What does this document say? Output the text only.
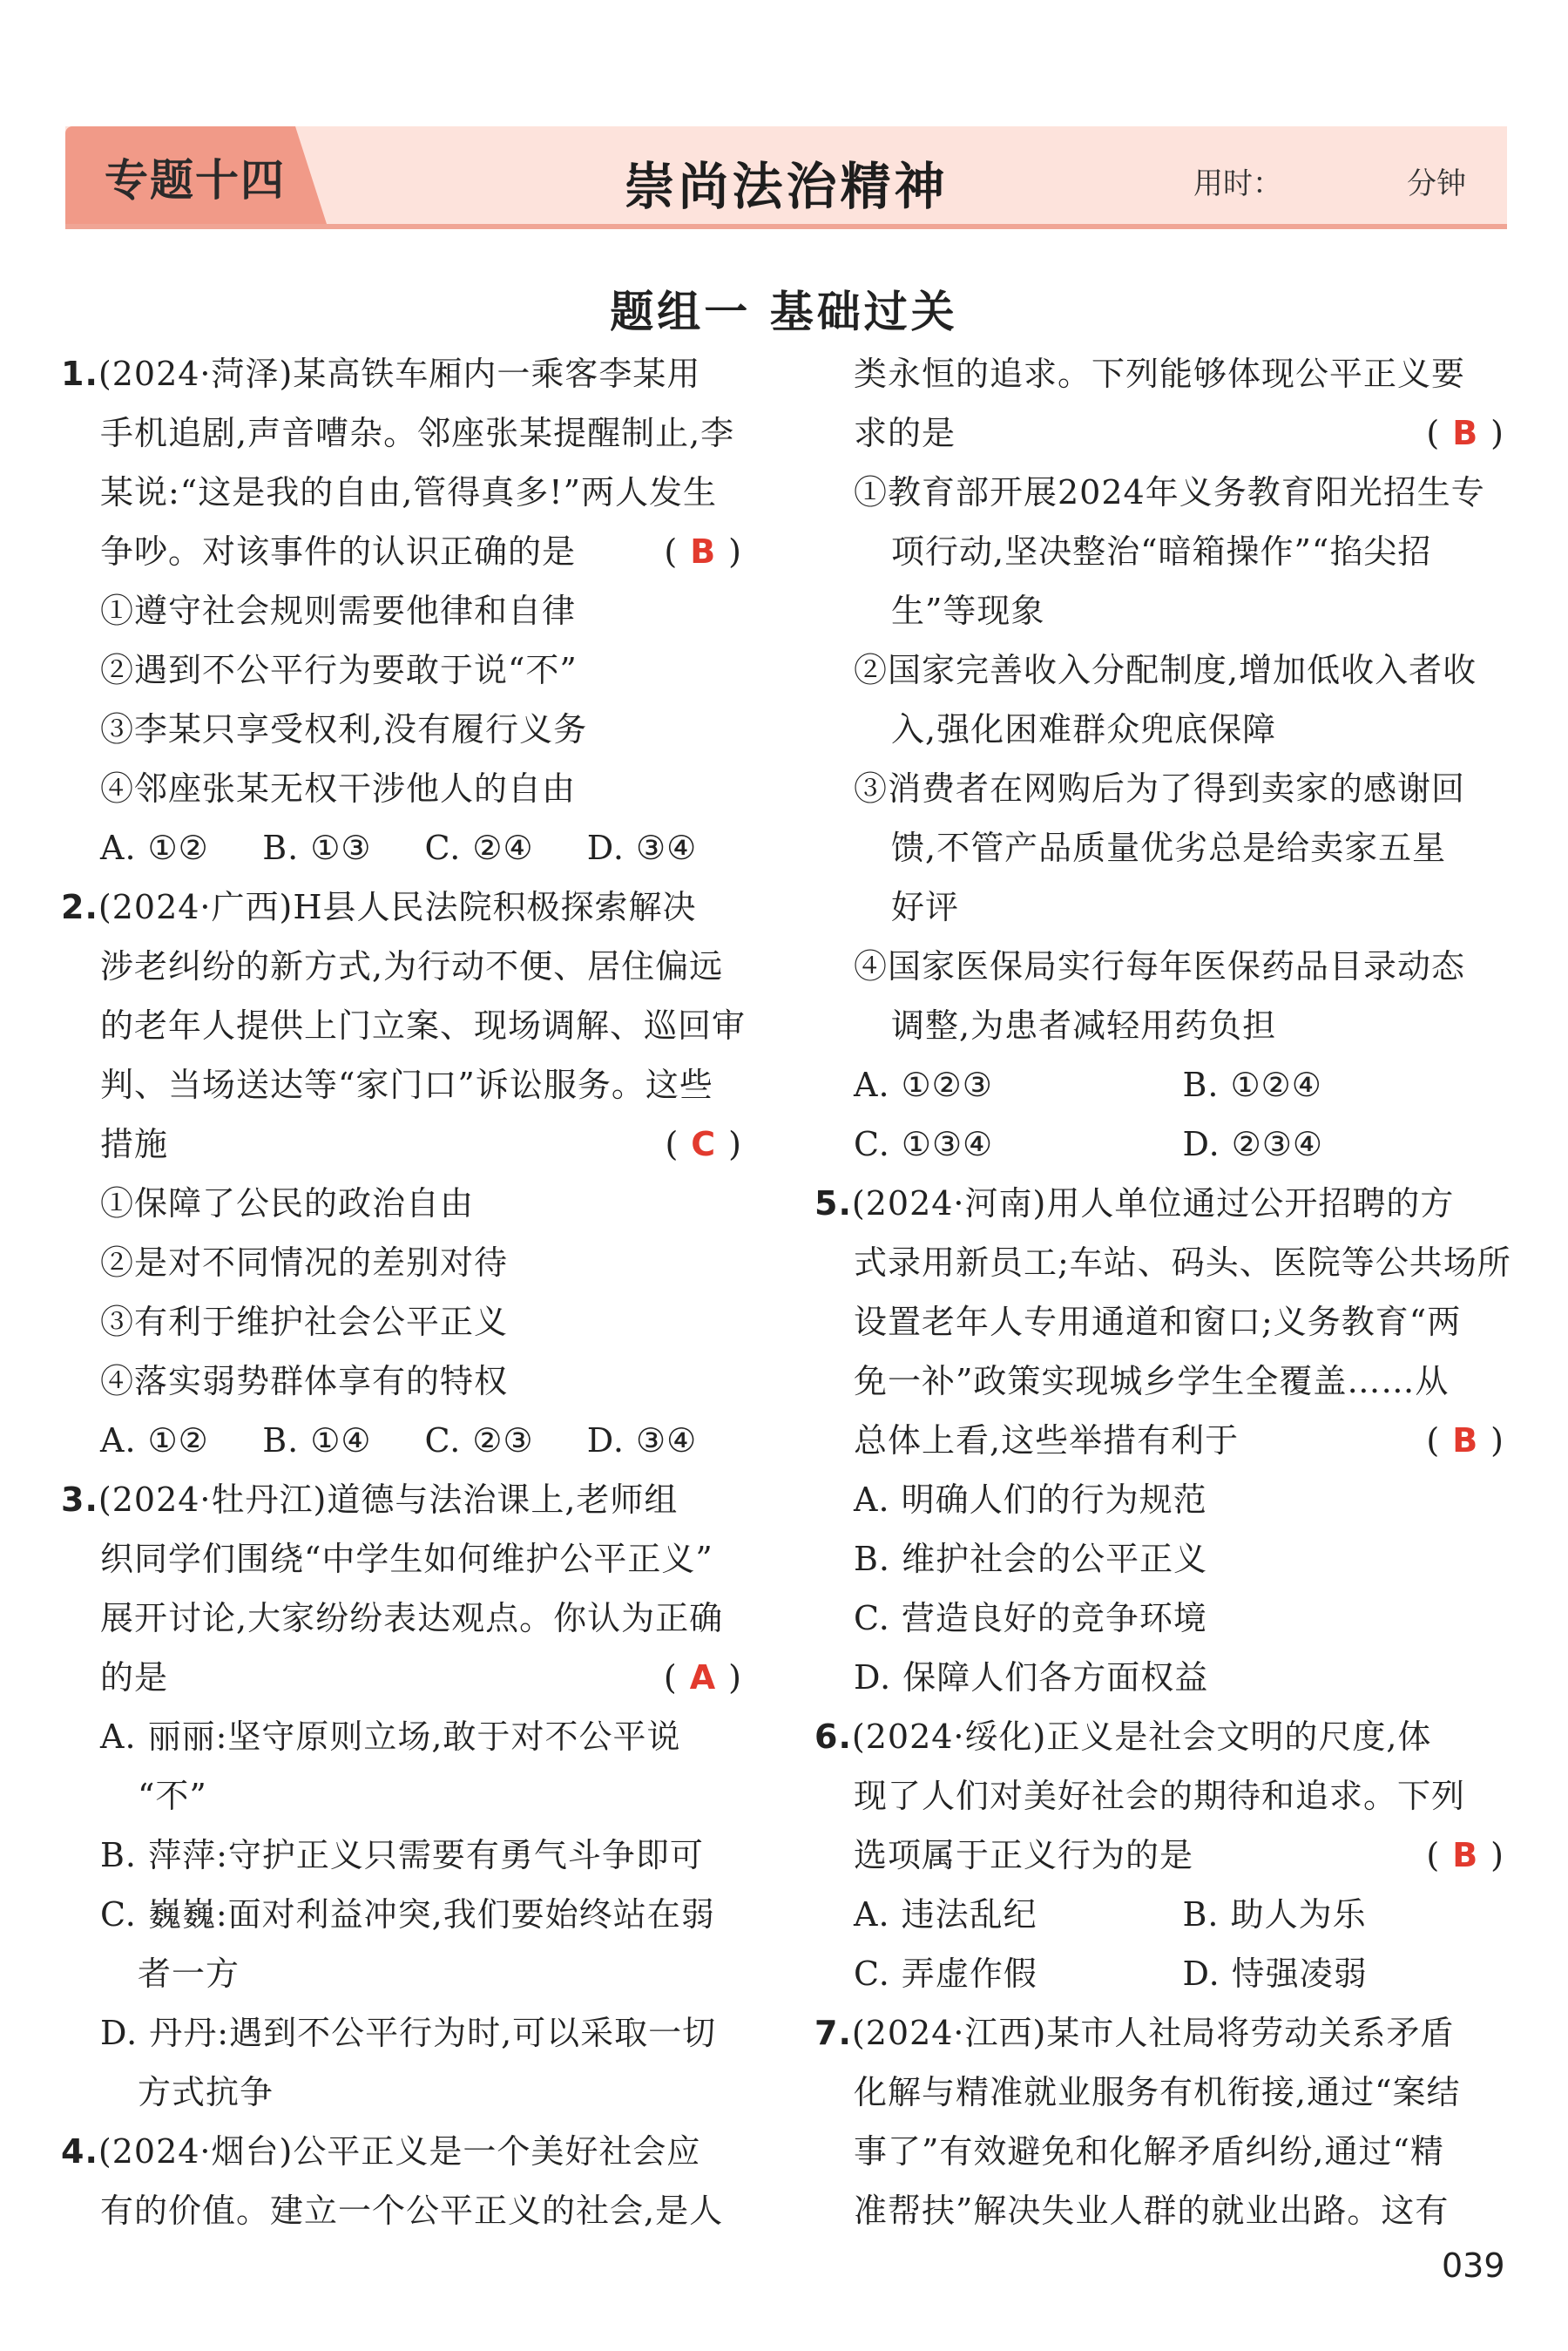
专题十四	崇尚法治精神	用时：	分钟
题组一 基础过关
1.(2024·菏泽)某高铁车厢内一乘客李某用
手机追剧,声音嘈杂。邻座张某提醒制止,李
某说:“这是我的自由,管得真多!”两人发生
争吵。对该事件的认识正确的是	( B )
①遵守社会规则需要他律和自律
②遇到不公平行为要敢于说“不”
③李某只享受权利,没有履行义务
④邻座张某无权干涉他人的自由
A. ①②	B. ①③	C. ②④	D. ③④
2.(2024·广西)H县人民法院积极探索解决
涉老纠纷的新方式,为行动不便、居住偏远
的老年人提供上门立案、现场调解、巡回审
判、当场送达等“家门口”诉讼服务。这些
措施	( C )
①保障了公民的政治自由
②是对不同情况的差别对待
③有利于维护社会公平正义
④落实弱势群体享有的特权
A. ①②	B. ①④	C. ②③	D. ③④
3.(2024·牡丹江)道德与法治课上,老师组
织同学们围绕“中学生如何维护公平正义”
展开讨论,大家纷纷表达观点。你认为正确
的是	( A )
A. 丽丽:坚守原则立场,敢于对不公平说
“不”
B. 萍萍:守护正义只需要有勇气斗争即可
C. 巍巍:面对利益冲突,我们要始终站在弱
者一方
D. 丹丹:遇到不公平行为时,可以采取一切
方式抗争
4.(2024·烟台)公平正义是一个美好社会应
有的价值。建立一个公平正义的社会,是人
类永恒的追求。下列能够体现公平正义要
求的是	( B )
①教育部开展2024年义务教育阳光招生专
项行动,坚决整治“暗箱操作”“掐尖招
生”等现象
②国家完善收入分配制度,增加低收入者收
入,强化困难群众兜底保障
③消费者在网购后为了得到卖家的感谢回
馈,不管产品质量优劣总是给卖家五星
好评
④国家医保局实行每年医保药品目录动态
调整,为患者减轻用药负担
A. ①②③	B. ①②④
C. ①③④	D. ②③④
5.(2024·河南)用人单位通过公开招聘的方
式录用新员工;车站、码头、医院等公共场所
设置老年人专用通道和窗口;义务教育“两
免一补”政策实现城乡学生全覆盖……从
总体上看,这些举措有利于	( B )
A. 明确人们的行为规范
B. 维护社会的公平正义
C. 营造良好的竞争环境
D. 保障人们各方面权益
6.(2024·绥化)正义是社会文明的尺度,体
现了人们对美好社会的期待和追求。下列
选项属于正义行为的是	( B )
A. 违法乱纪	B. 助人为乐
C. 弄虚作假	D. 恃强凌弱
7.(2024·江西)某市人社局将劳动关系矛盾
化解与精准就业服务有机衔接,通过“案结
事了”有效避免和化解矛盾纠纷,通过“精
准帮扶”解决失业人群的就业出路。这有
039
